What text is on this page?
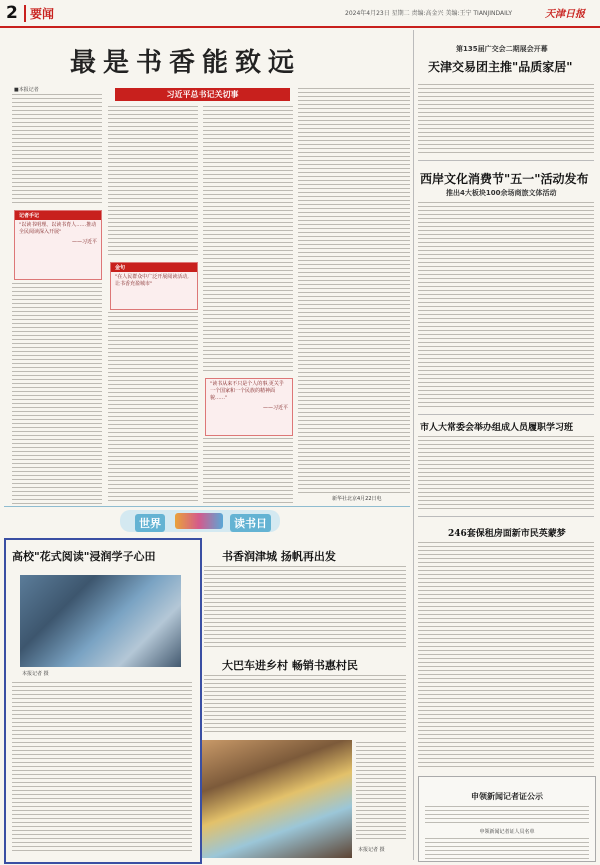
2	要闻	2024年4月23日 星期二 责编:高金兴 美编:王宁 TIANJINDAILY	天津日报
最是书香能致远
习近平总书记关切事
■本报记者
记者手记
"以读书明理、以读书育人……推动全民阅读深入开展"
——习近平
金句
"在人民群众中广泛开展阅读活动,让书香充盈城市"
"读书从来不只是个人的事,更关乎一个国家和一个民族的精神面貌……"
——习近平
新华社北京4月22日电
第135届广交会二期展会开幕
天津交易团主推"品质家居"
西岸文化消费节"五一"活动发布
推出4大板块100余场商旅文体活动
市人大常委会举办组成人员履职学习班
246套保租房面新市民英蒙梦
申领新闻记者证公示
申领新闻记者证人员名单
世界	读书日
高校"花式阅读"浸润学子心田
本报记者 摄
书香润津城 扬帆再出发
大巴车进乡村 畅销书惠村民
本报记者 摄
